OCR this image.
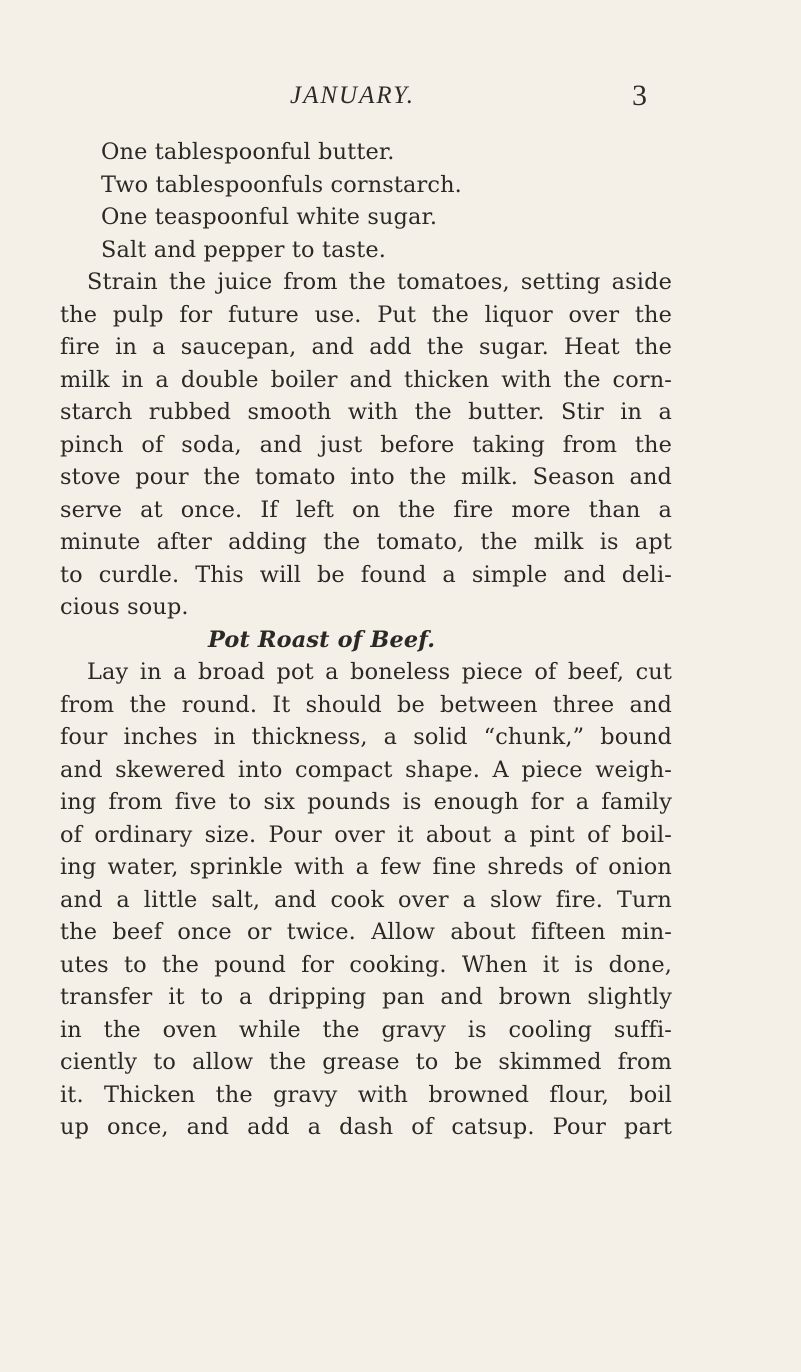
JANUARY.	3
One tablespoonful butter.
Two tablespoonfuls cornstarch.
One teaspoonful white sugar.
Salt and pepper to taste.
Strain the juice from the tomatoes, setting aside
the pulp for future use. Put the liquor over the
fire in a saucepan, and add the sugar. Heat the
milk in a double boiler and thicken with the corn-
starch rubbed smooth with the butter. Stir in a
pinch of soda, and just before taking from the
stove pour the tomato into the milk. Season and
serve at once. If left on the fire more than a
minute after adding the tomato, the milk is apt
to curdle. This will be found a simple and deli-
cious soup.
Pot Roast of Beef.
Lay in a broad pot a boneless piece of beef, cut
from the round. It should be between three and
four inches in thickness, a solid “chunk,” bound
and skewered into compact shape. A piece weigh-
ing from five to six pounds is enough for a family
of ordinary size. Pour over it about a pint of boil-
ing water, sprinkle with a few fine shreds of onion
and a little salt, and cook over a slow fire. Turn
the beef once or twice. Allow about fifteen min-
utes to the pound for cooking. When it is done,
transfer it to a dripping pan and brown slightly
in the oven while the gravy is cooling suffi-
ciently to allow the grease to be skimmed from
it. Thicken the gravy with browned flour, boil
up once, and add a dash of catsup. Pour part
